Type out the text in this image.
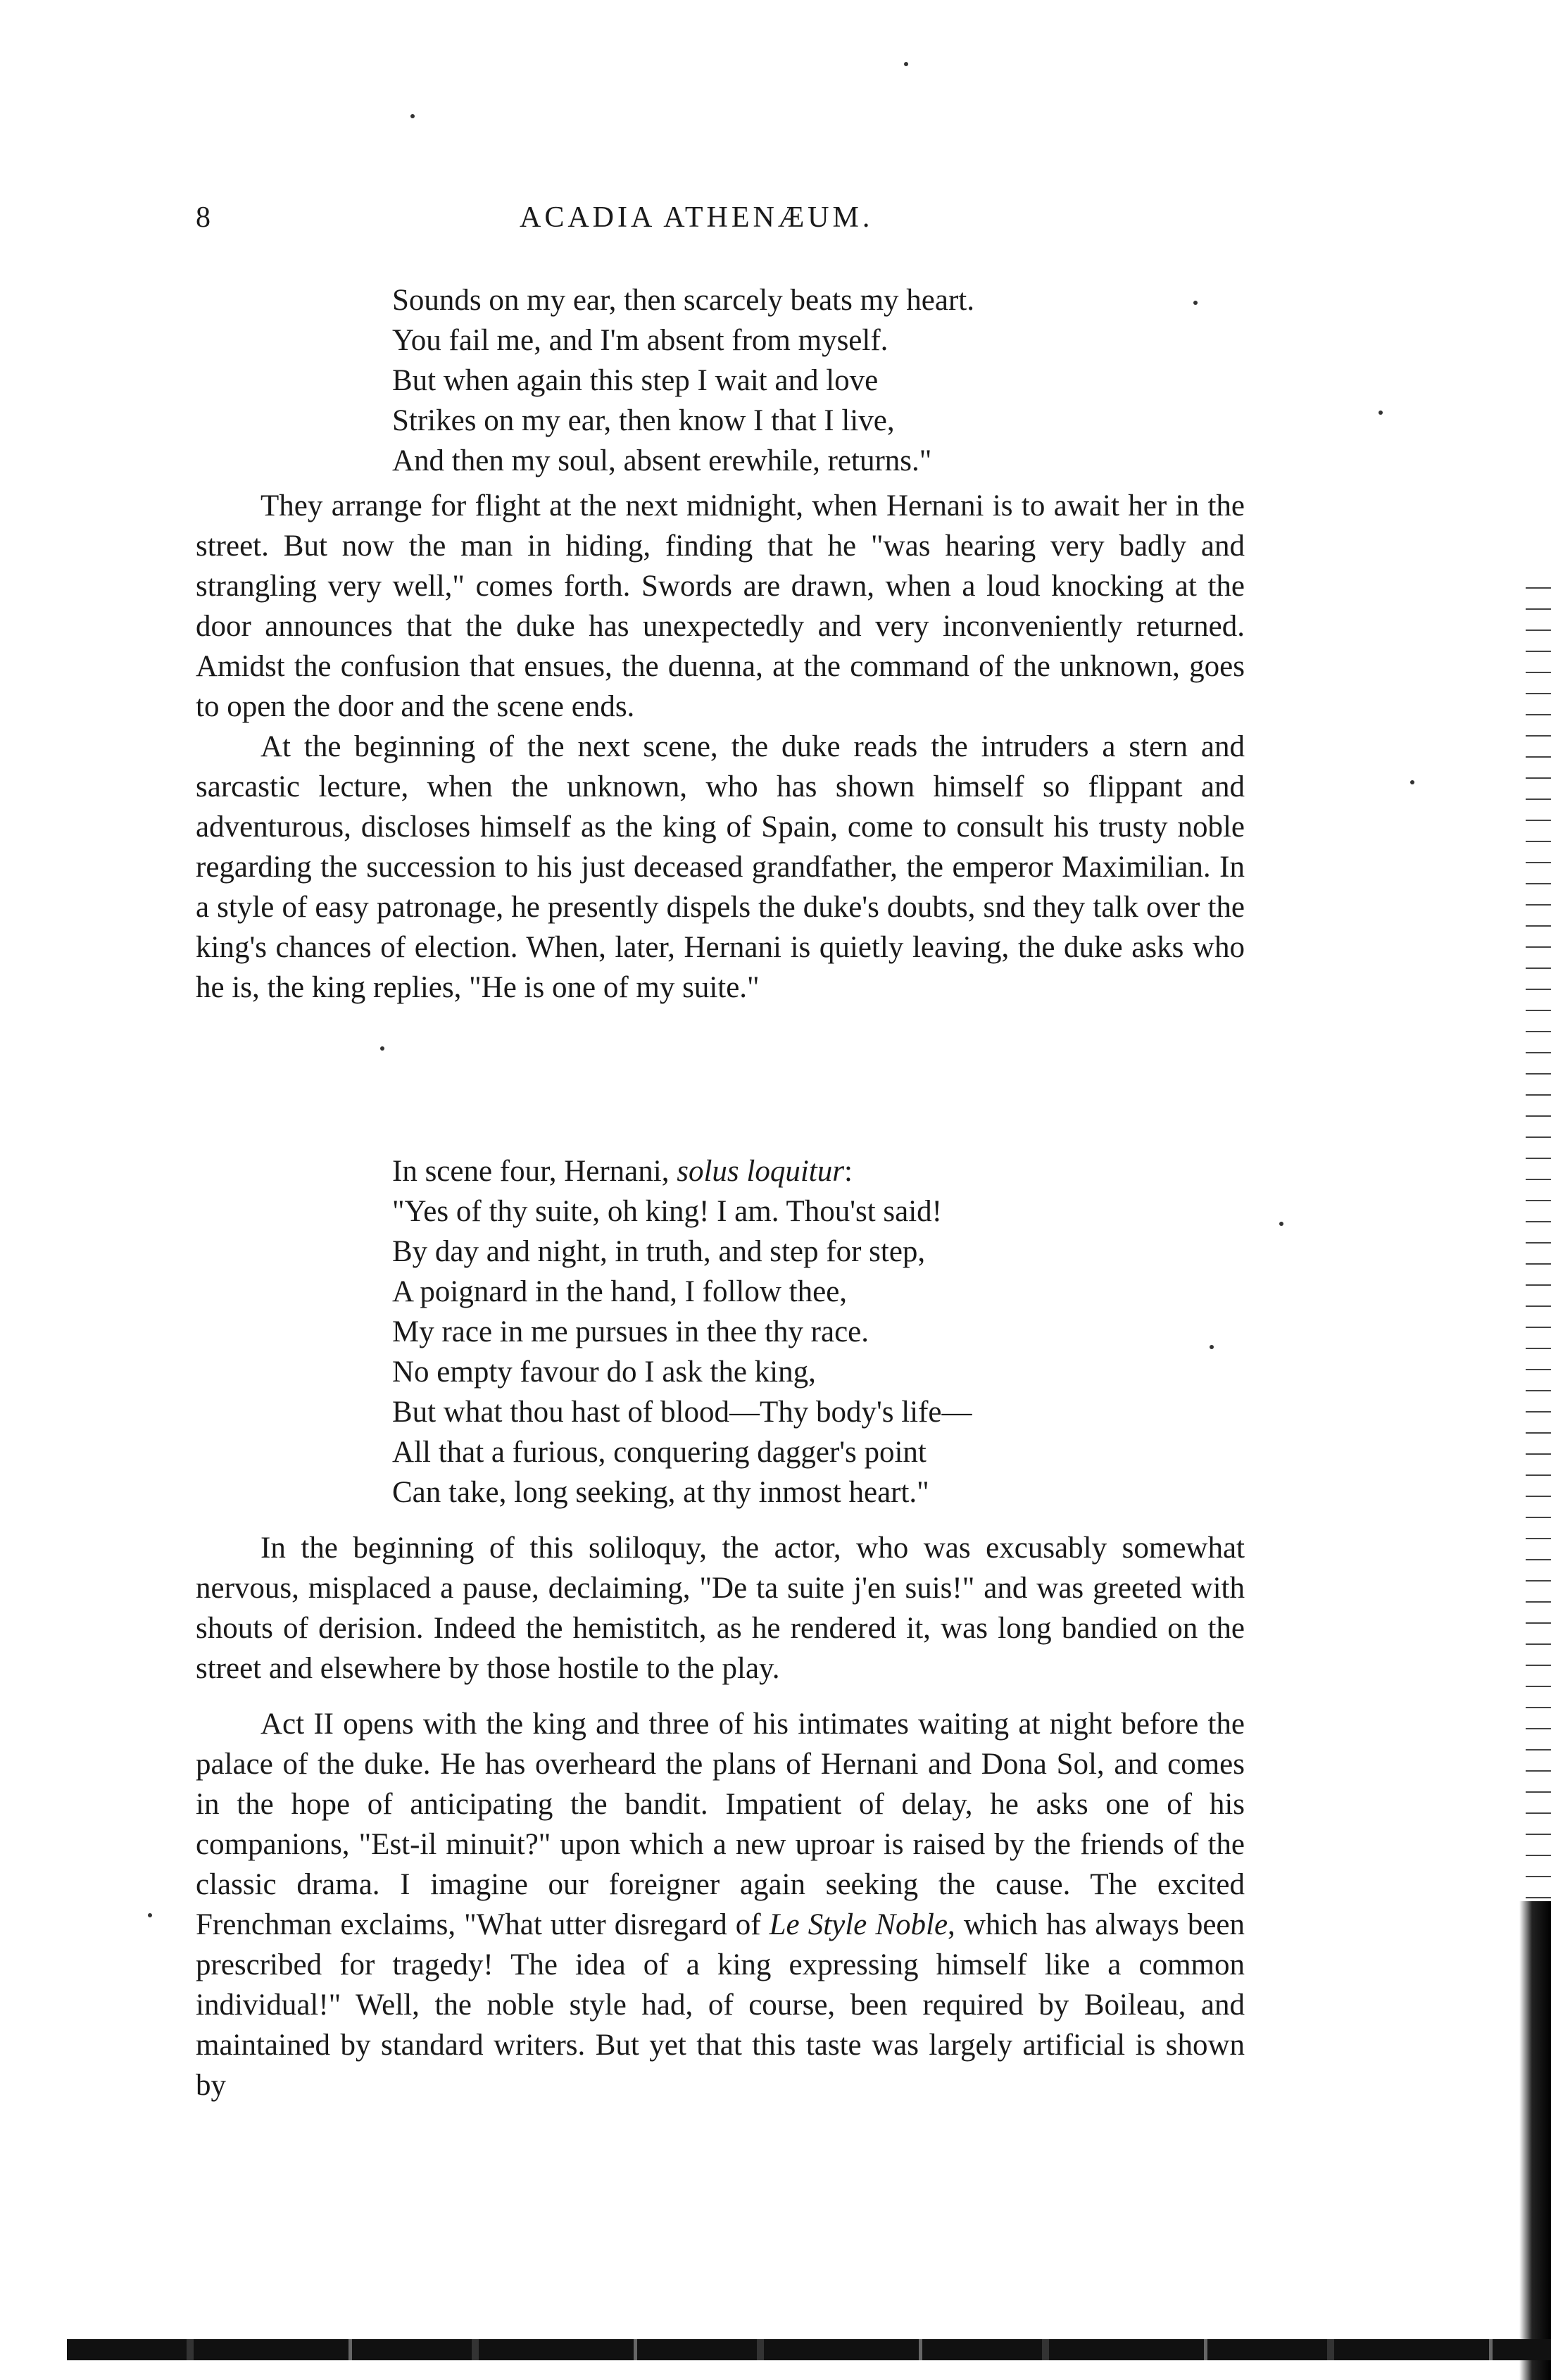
8	ACADIA ATHENÆUM.
Sounds on my ear, then scarcely beats my heart.
You fail me, and I'm absent from myself.
But when again this step I wait and love
Strikes on my ear, then know I that I live,
And then my soul, absent erewhile, returns."

They arrange for flight at the next midnight, when Hernani is to await her in the street. But now the man in hiding, finding that he "was hearing very badly and strangling very well," comes forth. Swords are drawn, when a loud knocking at the door announces that the duke has unexpectedly and very inconveniently returned. Amidst the confusion that ensues, the duenna, at the command of the unknown, goes to open the door and the scene ends.

At the beginning of the next scene, the duke reads the intruders a stern and sarcastic lecture, when the unknown, who has shown himself so flippant and adventurous, discloses himself as the king of Spain, come to consult his trusty noble regarding the succession to his just deceased grandfather, the emperor Maximilian. In a style of easy patronage, he presently dispels the duke's doubts, snd they talk over the king's chances of election. When, later, Hernani is quietly leaving, the duke asks who he is, the king replies, "He is one of my suite."

In scene four, Hernani, solus loquitur:
"Yes of thy suite, oh king! I am. Thou'st said!
By day and night, in truth, and step for step,
A poignard in the hand, I follow thee,
My race in me pursues in thee thy race.
No empty favour do I ask the king,
But what thou hast of blood—Thy body's life—
All that a furious, conquering dagger's point
Can take, long seeking, at thy inmost heart."

In the beginning of this soliloquy, the actor, who was excusably somewhat nervous, misplaced a pause, declaiming, "De ta suite j'en suis!" and was greeted with shouts of derision. Indeed the hemistitch, as he rendered it, was long bandied on the street and elsewhere by those hostile to the play.

Act II opens with the king and three of his intimates waiting at night before the palace of the duke. He has overheard the plans of Hernani and Dona Sol, and comes in the hope of anticipating the bandit. Impatient of delay, he asks one of his companions, "Est-il minuit?" upon which a new uproar is raised by the friends of the classic drama. I imagine our foreigner again seeking the cause. The excited Frenchman exclaims, "What utter disregard of Le Style Noble, which has always been prescribed for tragedy! The idea of a king expressing himself like a common individual!" Well, the noble style had, of course, been required by Boileau, and maintained by standard writers. But yet that this taste was largely artificial is shown by
